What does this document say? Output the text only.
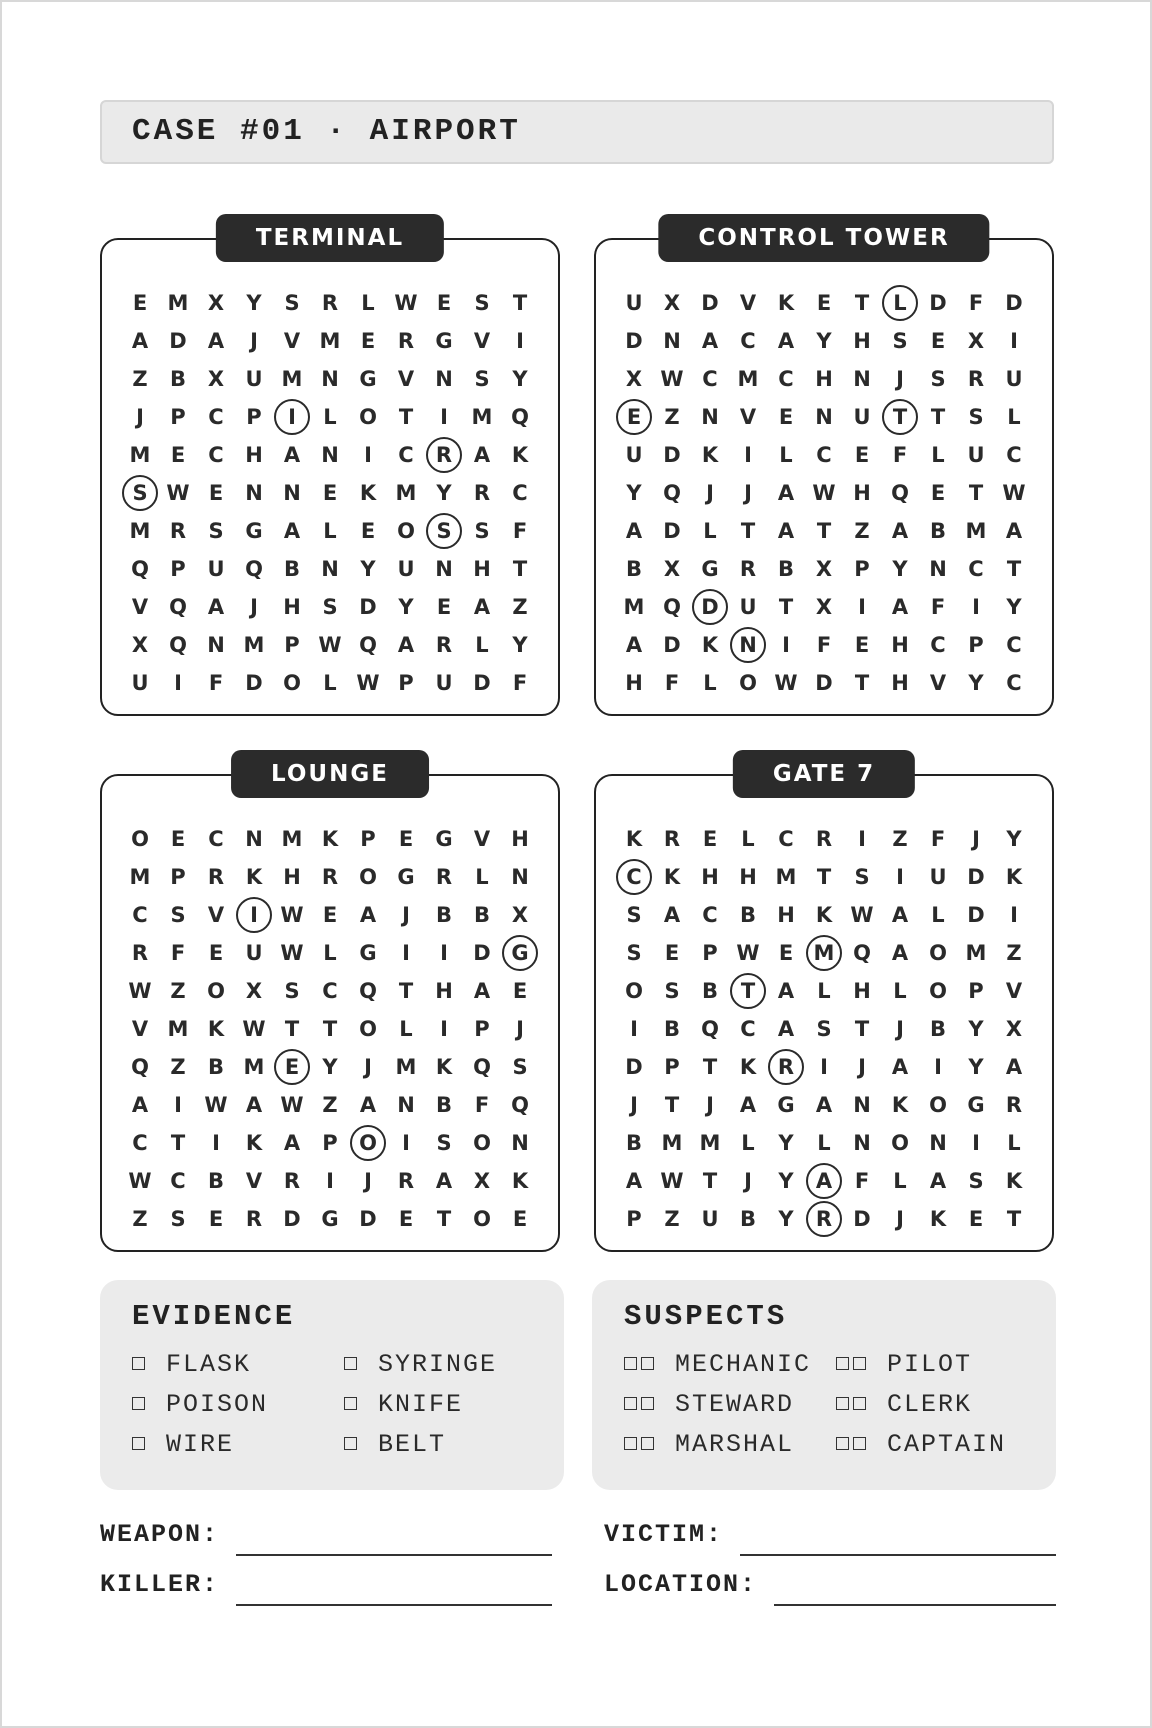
CASE #01 · AIRPORT
TERMINAL
E M X	Y	S	R	L W E	S	T
A	D	A	J	V M E	R	G	V	I
Z	B	X	U M N G	V	N	S	Y
J	P	C	P	I	L	O	T	I	M Q
M E	C	H	A	N	I	C	R	A	K
S W E	N N	E	K M Y	R	C
M R	S	G	A	L	E	O	S	S	F
Q	P	U Q	B	N	Y	U N H	T
V Q A	J	H	S	D	Y	E	A	Z
X Q N M P W Q A	R	L	Y
U	I	F	D O	L W P	U D	F
CONTROL TOWER
U	X	D	V	K	E	T	L	D	F	D
D N	A	C	A	Y	H	S	E	X	I
X W C M C	H N	J	S	R	U
E	Z	N	V	E	N U	T	T	S	L
U D	K	I	L	C	E	F	L	U	C
Y	Q	J	J	A W H Q	E	T W
A	D	L	T	A	T	Z	A	B M A
B	X	G	R	B	X	P	Y	N	C	T
M Q D U	T	X	I	A	F	I	Y
A	D	K	N	I	F	E	H	C	P	C
H	F	L	O W D	T	H	V	Y	C
LOUNGE
O	E	C	N M K	P	E	G	V	H
M P	R	K	H	R O G	R	L	N
C	S	V	I	W E	A	J	B	B	X
R	F	E	U W L	G	I	I	D G
W Z	O X	S	C	Q	T	H	A	E
V M K W T	T	O	L	I	P	J
Q	Z	B M E	Y	J	M K Q	S
A	I	W A W Z	A	N	B	F	Q
C	T	I	K	A	P	O	I	S	O N
W C	B	V	R	I	J	R	A	X	K
Z	S	E	R	D G D	E	T	O	E
GATE 7
K	R	E	L	C	R	I	Z	F	J	Y
C	K	H H M T	S	I	U D	K
S	A	C	B	H	K W A	L	D	I
S	E	P W E M Q A O M Z
O	S	B	T	A	L	H	L	O	P	V
I	B	Q	C	A	S	T	J	B	Y	X
D	P	T	K	R	I	J	A	I	Y	A
J	T	J	A	G	A	N	K O G	R
B M M L	Y	L	N O N	I	L
A W T	J	Y	A	F	L	A	S	K
P	Z	U	B	Y	R	D	J	K	E	T
EVIDENCE
FLASK	SYRINGE
POISON	KNIFE
WIRE	BELT
SUSPECTS
MECHANIC	PILOT
STEWARD	CLERK
MARSHAL	CAPTAIN
WEAPON:
KILLER:
VICTIM:
LOCATION:
